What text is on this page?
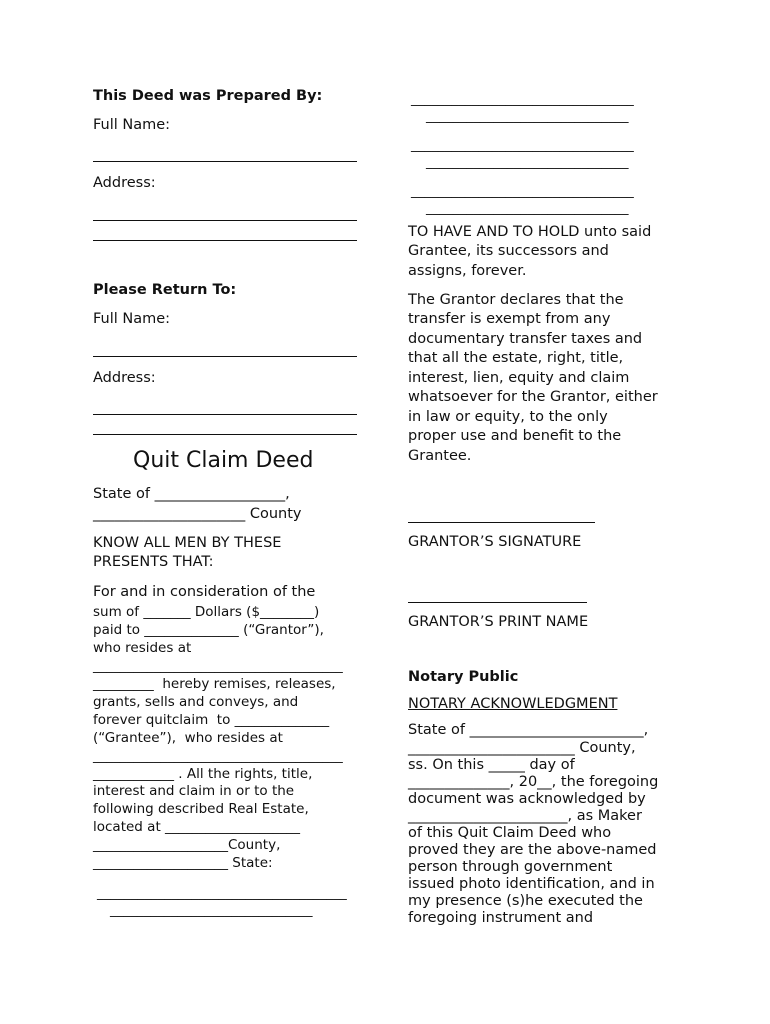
This Deed was Prepared By:
Full Name:
Address:
Please Return To:
Full Name:
Address:
Quit Claim Deed
State of __________________,
_____________________ County
KNOW ALL MEN BY THESE
PRESENTS THAT:
For and in consideration of the
sum of _______ Dollars ($________)
paid to ______________ (“Grantor”),
who resides at
_____________________________________
_________  hereby remises, releases,
grants, sells and conveys, and
forever quitclaim  to ______________
(“Grantee”),  who resides at
_____________________________________
____________ . All the rights, title,
interest and claim in or to the
following described Real Estate,
located at ____________________
____________________County,
____________________ State:
_____________________________________
______________________________
_________________________________
______________________________
_________________________________
______________________________
_________________________________
______________________________
TO HAVE AND TO HOLD unto said
Grantee, its successors and
assigns, forever.
The Grantor declares that the
transfer is exempt from any
documentary transfer taxes and
that all the estate, right, title,
interest, lien, equity and claim
whatsoever for the Grantor, either
in law or equity, to the only
proper use and benefit to the
Grantee.
GRANTOR’S SIGNATURE
GRANTOR’S PRINT NAME
Notary Public
NOTARY ACKNOWLEDGMENT
State of ________________________,
_______________________ County,
ss. On this _____ day of
______________, 20__, the foregoing
document was acknowledged by
______________________, as Maker
of this Quit Claim Deed who
proved they are the above-named
person through government
issued photo identification, and in
my presence (s)he executed the
foregoing instrument and
